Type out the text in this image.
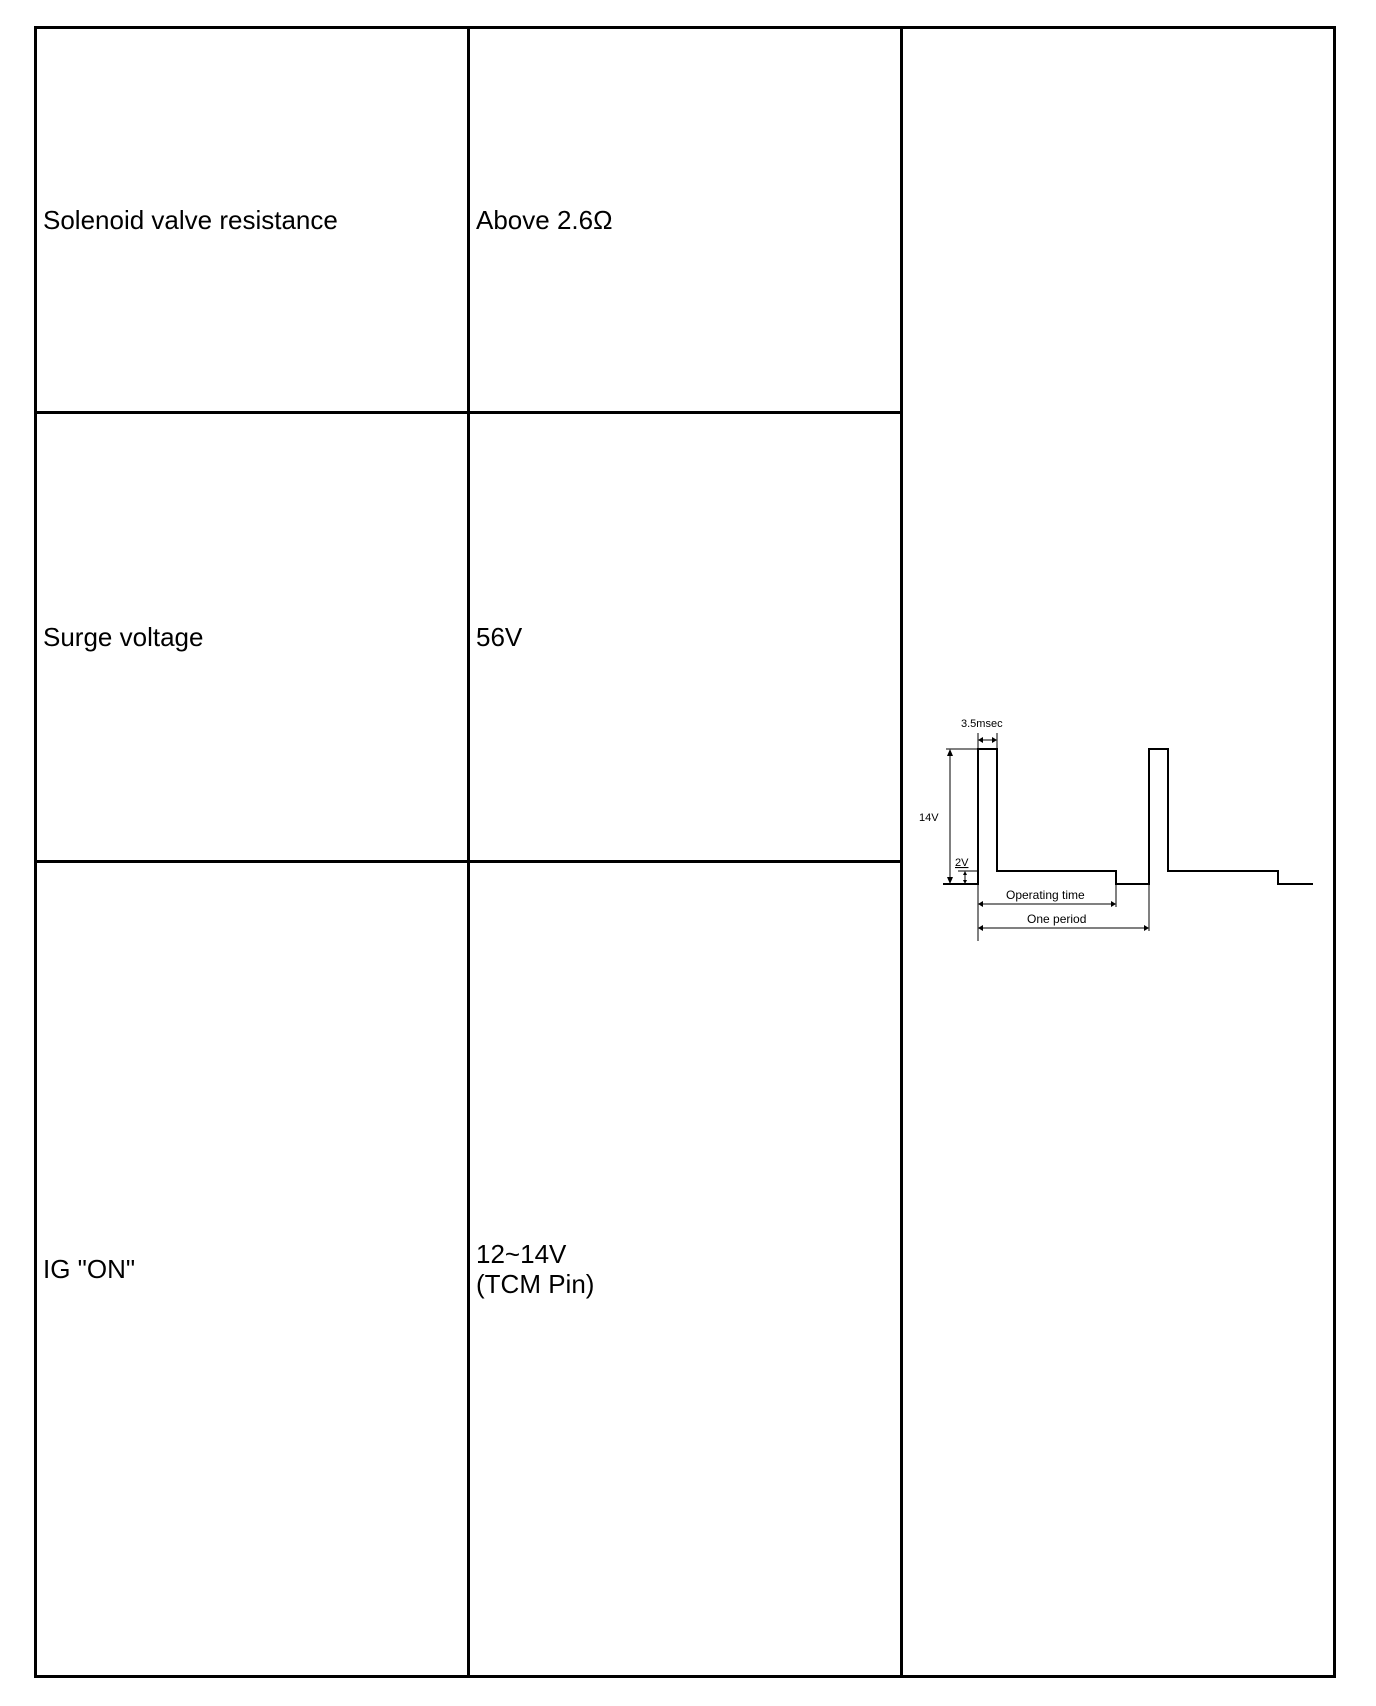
Solenoid valve resistance	Above 2.6Ω	14V
2V
3.5msec
Operating time
One period

Surge voltage	56V	

IG "ON"	12~14V
(TCM Pin)	
